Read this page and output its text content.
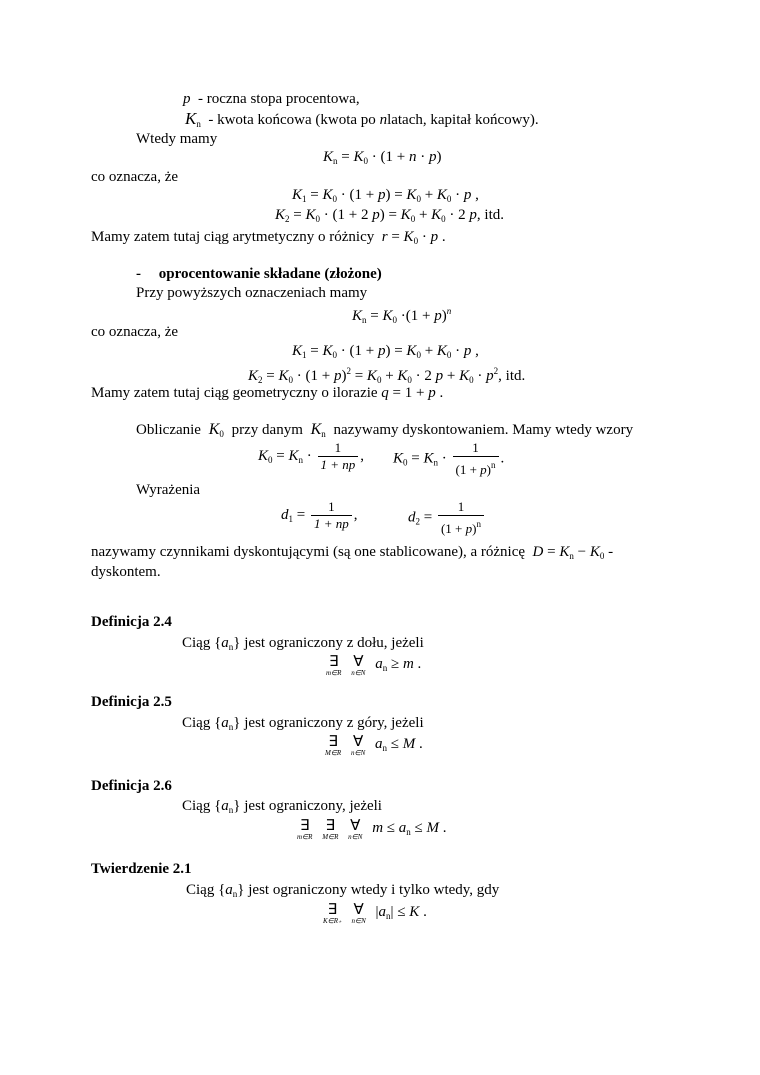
p - roczna stopa procentowa,
$K_n$ - kwota końcowa (kwota po nlatach, kapitał końcowy).
Wtedy mamy
$K_n = K_0 \cdot (1 + n \cdot p)$
co oznacza, że
$K_1 = K_0 \cdot (1 + p) = K_0 + K_0 \cdot p$ ,
$K_2 = K_0 \cdot (1 + 2$ $p) = K_0 + K_0 \cdot 2$ p, itd.
Mamy zatem tutaj ciąg arytmetyczny o różnicy  $r = K_0 \cdot p$ .
- oprocentowanie składane (złożone)
Przy powyższych oznaczeniach mamy
$K_n = K_0 \cdot(1 + p)^n$
co oznacza, że
$K_1 = K_0 \cdot (1 + p) = K_0 + K_0 \cdot p$ ,
$K_2 = K_0 \cdot (1 + p)^2 = K_0 + K_0 \cdot 2$ $p + K_0 \cdot p^2$, itd.
Mamy zatem tutaj ciąg geometryczny o ilorazie q = 1 + p .
Obliczanie  $K_0$ przy danym  $K_n$ nazywamy dyskontowaniem. Mamy wtedy wzory
$K_0 = K_n \cdot \frac{1}{1 + np}$ , $K_0 = K_n \cdot \frac{1}{(1 + p)^n}$ .
Wyrażenia
$d_1 = \frac{1}{1 + np}$ ,	$d_2 = \frac{1}{(1 + p)^n}$
nazywamy czynnikami dyskontującymi (są one stablicowane), a różnicę  $D = K_n - K_0$ -
dyskontem.
Definicja 2.4
Ciąg $\{a_n\}$ jest ograniczony z dołu, jeżeli
∃
m∈R

∀
n∈N
$a_n \ge m$ .
Definicja 2.5
Ciąg $\{a_n\}$ jest ograniczony z góry, jeżeli
∃
M∈R

∀
n∈N
$a_n \le M$ .
Definicja 2.6
Ciąg $\{a_n\}$ jest ograniczony, jeżeli
∃
m∈R

∃
M∈R

∀
n∈N
$m \le a_n \le M$ .
Twierdzenie 2.1
Ciąg $\{a_n\}$ jest ograniczony wtedy i tylko wtedy, gdy
∃
K∈R₊

∀
n∈N
$|a_n| \le K$ .
